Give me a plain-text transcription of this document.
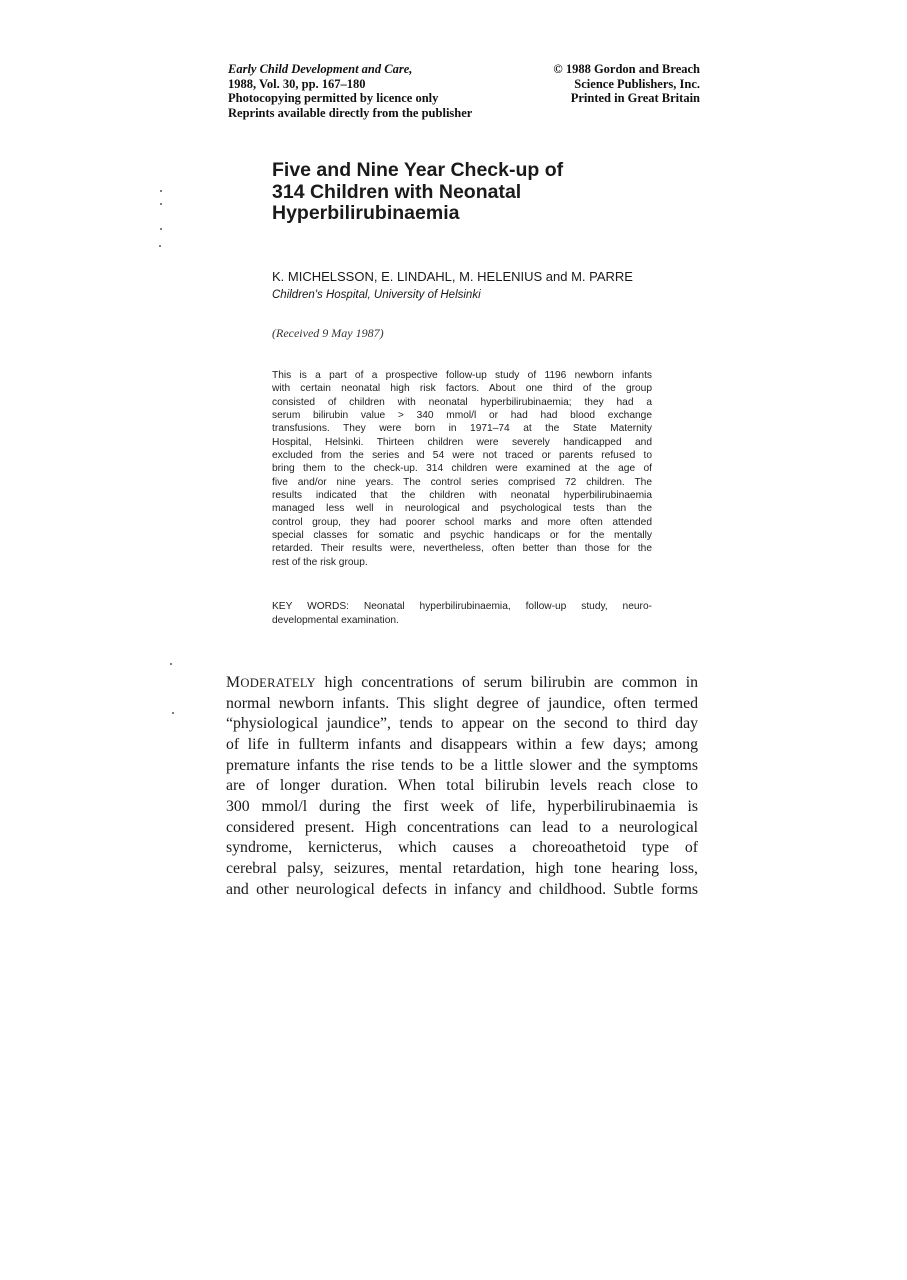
Early Child Development and Care,
1988, Vol. 30, pp. 167–180
Photocopying permitted by licence only
Reprints available directly from the publisher
© 1988 Gordon and Breach
Science Publishers, Inc.
Printed in Great Britain
Five and Nine Year Check-up of
314 Children with Neonatal
Hyperbilirubinaemia

K. MICHELSSON, E. LINDAHL, M. HELENIUS and M. PARRE

Children's Hospital, University of Helsinki

(Received 9 May 1987)
This is a part of a prospective follow-up study of 1196 newborn infants
with certain neonatal high risk factors. About one third of the group
consisted of children with neonatal hyperbilirubinaemia; they had a
serum bilirubin value > 340 mmol/l or had had blood exchange
transfusions. They were born in 1971–74 at the State Maternity
Hospital, Helsinki. Thirteen children were severely handicapped and
excluded from the series and 54 were not traced or parents refused to
bring them to the check-up. 314 children were examined at the age of
five and/or nine years. The control series comprised 72 children. The
results indicated that the children with neonatal hyperbilirubinaemia
managed less well in neurological and psychological tests than the
control group, they had poorer school marks and more often attended
special classes for somatic and psychic handicaps or for the mentally
retarded. Their results were, nevertheless, often better than those for the
rest of the risk group.
KEY WORDS: Neonatal hyperbilirubinaemia, follow-up study, neuro-
developmental examination.
MODERATELY high concentrations of serum bilirubin are common in
normal newborn infants. This slight degree of jaundice, often termed
“physiological jaundice”, tends to appear on the second to third day
of life in fullterm infants and disappears within a few days; among
premature infants the rise tends to be a little slower and the symptoms
are of longer duration. When total bilirubin levels reach close to
300 mmol/l during the first week of life, hyperbilirubinaemia is
considered present. High concentrations can lead to a neurological
syndrome, kernicterus, which causes a choreoathetoid type of
cerebral palsy, seizures, mental retardation, high tone hearing loss,
and other neurological defects in infancy and childhood. Subtle forms
